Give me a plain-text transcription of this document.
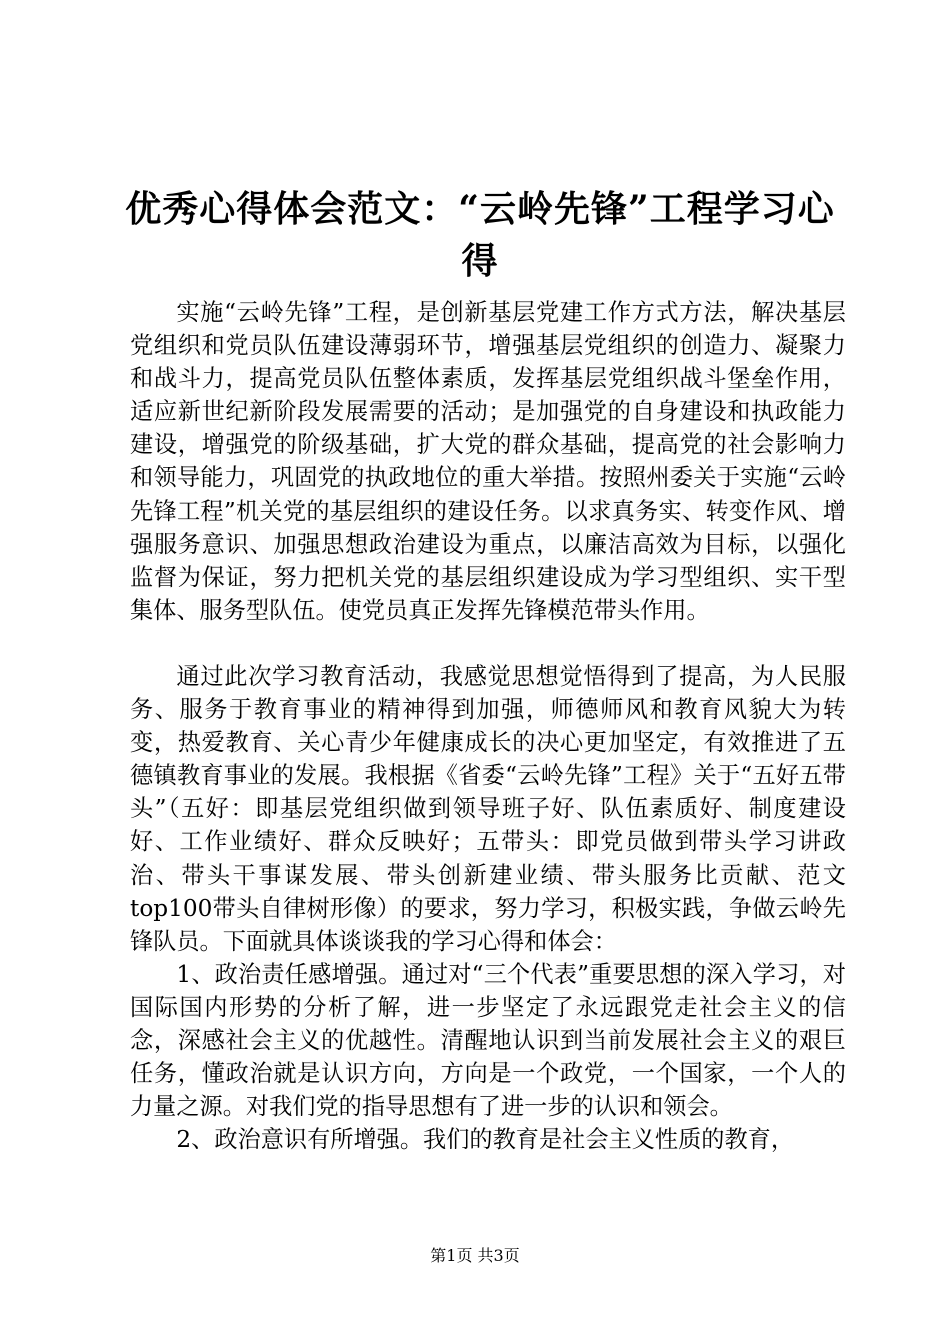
优秀心得体会范文：“云岭先锋”工程学习心得

实施“云岭先锋”工程，是创新基层党建工作方式方法，解决基层党组织和党员队伍建设薄弱环节，增强基层党组织的创造力、凝聚力和战斗力，提高党员队伍整体素质，发挥基层党组织战斗堡垒作用，适应新世纪新阶段发展需要的活动；是加强党的自身建设和执政能力建设，增强党的阶级基础，扩大党的群众基础，提高党的社会影响力和领导能力，巩固党的执政地位的重大举措。按照州委关于实施“云岭先锋工程”机关党的基层组织的建设任务。以求真务实、转变作风、增强服务意识、加强思想政治建设为重点，以廉洁高效为目标，以强化监督为保证，努力把机关党的基层组织建设成为学习型组织、实干型集体、服务型队伍。使党员真正发挥先锋模范带头作用。

通过此次学习教育活动，我感觉思想觉悟得到了提高，为人民服务、服务于教育事业的精神得到加强，师德师风和教育风貌大为转变，热爱教育、关心青少年健康成长的决心更加坚定，有效推进了五德镇教育事业的发展。我根据《省委“云岭先锋”工程》关于“五好五带头”（五好：即基层党组织做到领导班子好、队伍素质好、制度建设好、工作业绩好、群众反映好；五带头：即党员做到带头学习讲政治、带头干事谋发展、带头创新建业绩、带头服务比贡献、范文top100带头自律树形像）的要求，努力学习，积极实践，争做云岭先锋队员。下面就具体谈谈我的学习心得和体会：

1、政治责任感增强。通过对“三个代表”重要思想的深入学习，对国际国内形势的分析了解，进一步坚定了永远跟党走社会主义的信念，深感社会主义的优越性。清醒地认识到当前发展社会主义的艰巨任务，懂政治就是认识方向，方向是一个政党，一个国家，一个人的力量之源。对我们党的指导思想有了进一步的认识和领会。

2、政治意识有所增强。我们的教育是社会主义性质的教育，

第1页 共3页
